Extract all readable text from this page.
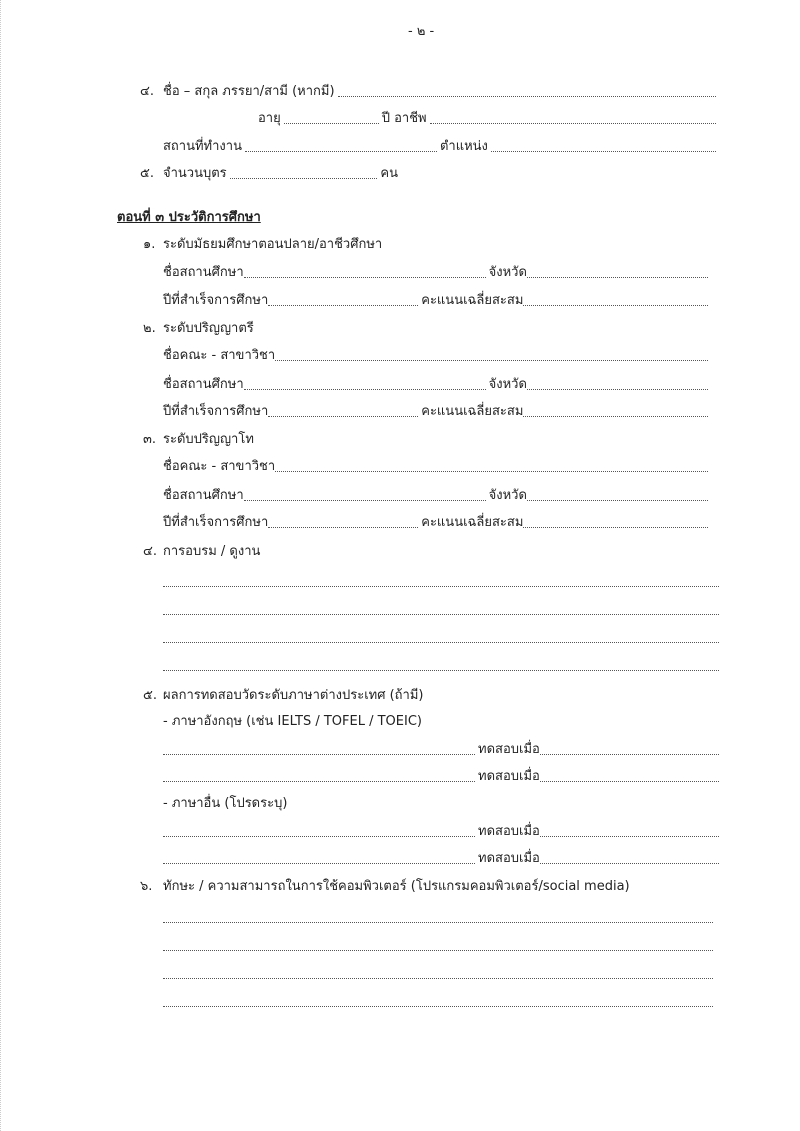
- ๒ -
๔. ชื่อ – สกุล ภรรยา/สามี (หากมี)
อายุ	ปี อาชีพ
สถานที่ทำงาน	ตำแหน่ง
๕. จำนวนบุตร	คน
ตอนที่ ๓ ประวัติการศึกษา
๑. ระดับมัธยมศึกษาตอนปลาย/อาชีวศึกษา
ชื่อสถานศึกษา	จังหวัด
ปีที่สำเร็จการศึกษา	คะแนนเฉลี่ยสะสม
๒. ระดับปริญญาตรี
ชื่อคณะ - สาขาวิชา
ชื่อสถานศึกษา	จังหวัด
ปีที่สำเร็จการศึกษา	คะแนนเฉลี่ยสะสม
๓. ระดับปริญญาโท
ชื่อคณะ - สาขาวิชา
ชื่อสถานศึกษา	จังหวัด
ปีที่สำเร็จการศึกษา	คะแนนเฉลี่ยสะสม
๔. การอบรม / ดูงาน
๕. ผลการทดสอบวัดระดับภาษาต่างประเทศ (ถ้ามี)
- ภาษาอังกฤษ (เช่น IELTS / TOFEL / TOEIC)
ทดสอบเมื่อ
ทดสอบเมื่อ
- ภาษาอื่น (โปรดระบุ)
ทดสอบเมื่อ
ทดสอบเมื่อ
๖. ทักษะ / ความสามารถในการใช้คอมพิวเตอร์ (โปรแกรมคอมพิวเตอร์/social media)
